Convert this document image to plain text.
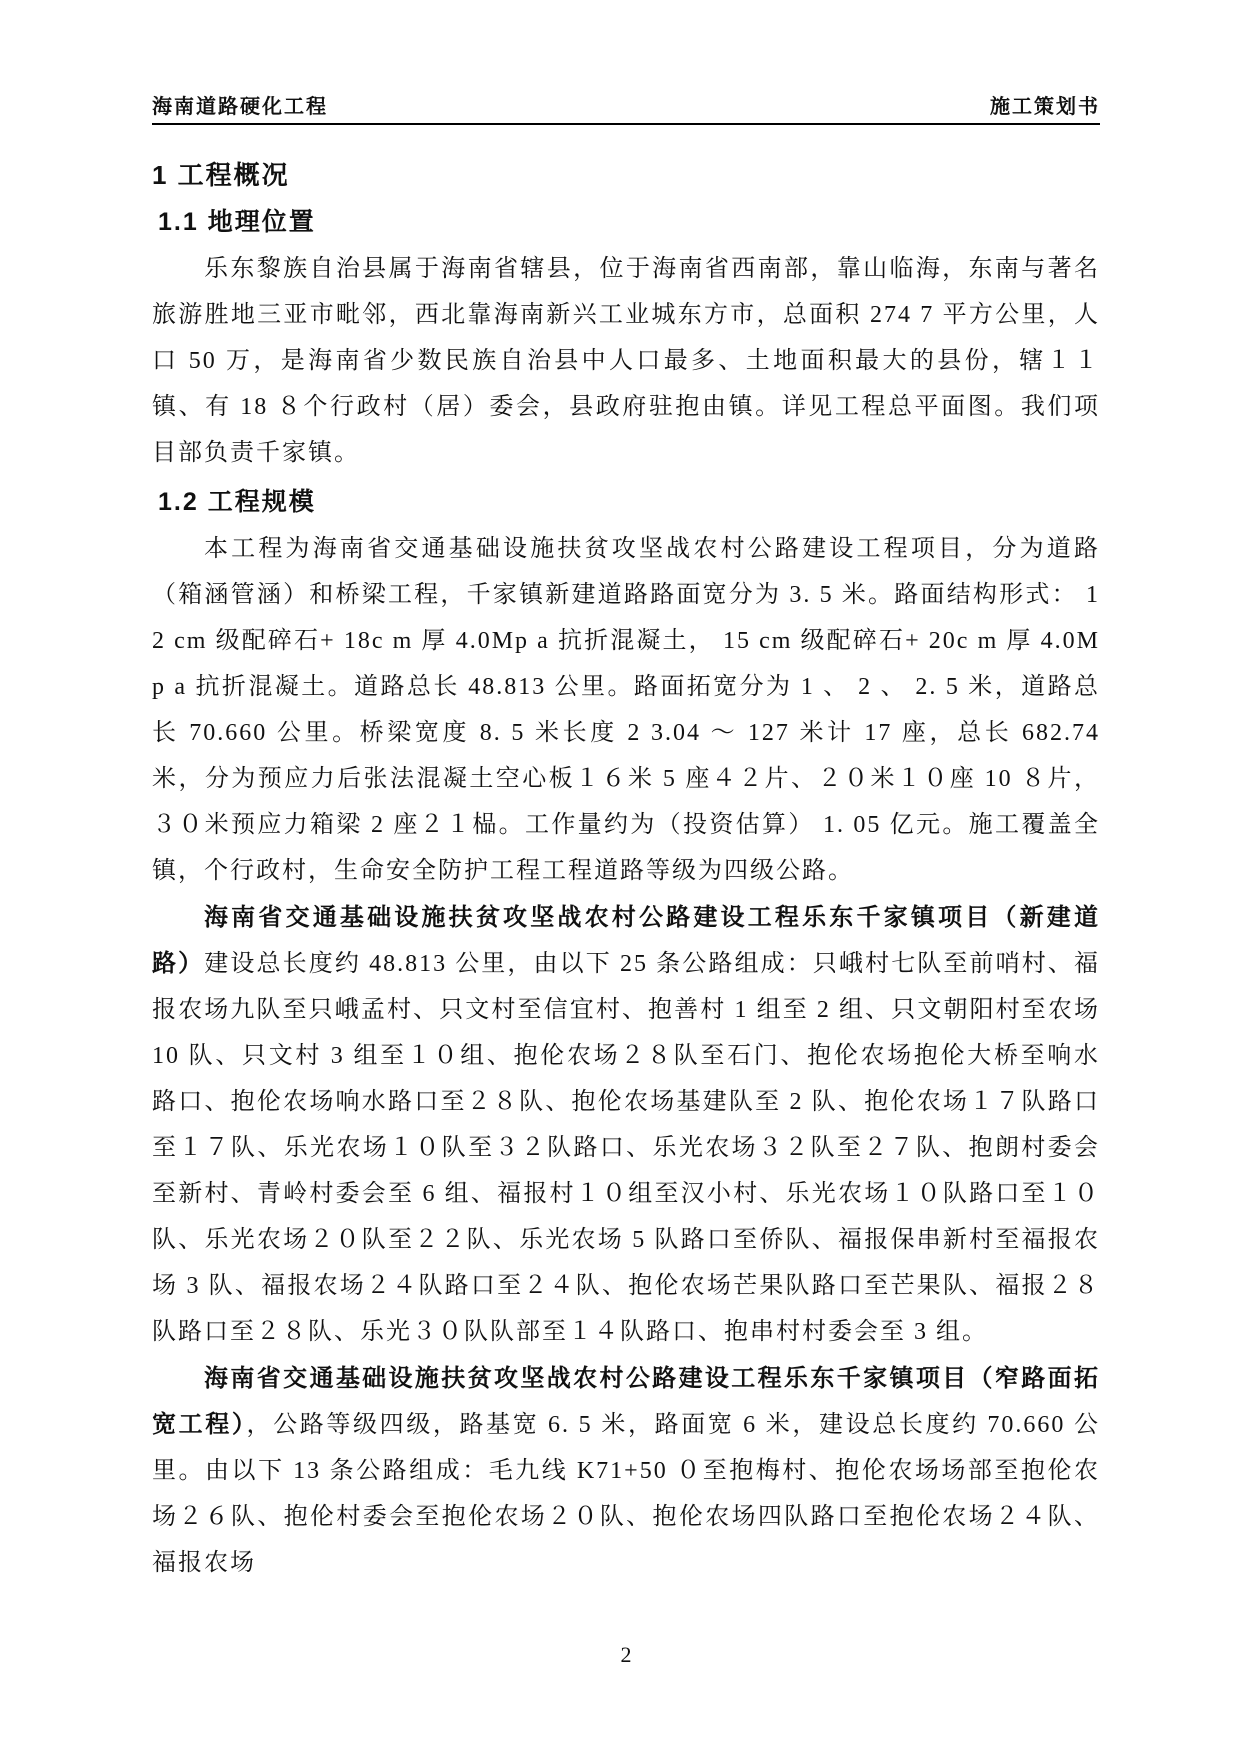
海南道路硬化工程	施工策划书
1 工程概况
1.1 地理位置

乐东黎族自治县属于海南省辖县，位于海南省西南部，靠山临海，东南与著名旅游胜地三亚市毗邻，西北靠海南新兴工业城东方市，总面积 274 7 平方公里，人口 50 万，是海南省少数民族自治县中人口最多、土地面积最大的县份，辖１１镇、有 18 ８个行政村（居）委会，县政府驻抱由镇。详见工程总平面图。我们项目部负责千家镇。

1.2 工程规模

本工程为海南省交通基础设施扶贫攻坚战农村公路建设工程项目，分为道路（箱涵管涵）和桥梁工程，千家镇新建道路路面宽分为 3. 5 米。路面结构形式： 12 cm 级配碎石+ 18c m 厚 4.0Mp a 抗折混凝土， 15 cm 级配碎石+ 20c m 厚 4.0Mp a 抗折混凝土。道路总长 48.813 公里。路面拓宽分为 1 、 2 、 2. 5 米，道路总长 70.660 公里。桥梁宽度 8. 5 米长度 2 3.04 ～ 127 米计 17 座，总长 682.74 米，分为预应力后张法混凝土空心板１６米 5 座４２片、２０米１０座 10 ８片，３０米预应力箱梁 2 座２１榀。工作量约为（投资估算） 1. 05 亿元。施工覆盖全镇，个行政村，生命安全防护工程工程道路等级为四级公路。

海南省交通基础设施扶贫攻坚战农村公路建设工程乐东千家镇项目（新建道路）建设总长度约 48.813 公里，由以下 25 条公路组成：只峨村七队至前哨村、福报农场九队至只峨孟村、只文村至信宜村、抱善村 1 组至 2 组、只文朝阳村至农场 10 队、只文村 3 组至１０组、抱伦农场２８队至石门、抱伦农场抱伦大桥至响水路口、抱伦农场响水路口至２８队、抱伦农场基建队至 2 队、抱伦农场１７队路口至１７队、乐光农场１０队至３２队路口、乐光农场３２队至２７队、抱朗村委会至新村、青岭村委会至 6 组、福报村１０组至汉小村、乐光农场１０队路口至１０队、乐光农场２０队至２２队、乐光农场 5 队路口至侨队、福报保串新村至福报农场 3 队、福报农场２４队路口至２４队、抱伦农场芒果队路口至芒果队、福报２８队路口至２８队、乐光３０队队部至１４队路口、抱串村村委会至 3 组。

海南省交通基础设施扶贫攻坚战农村公路建设工程乐东千家镇项目（窄路面拓宽工程），公路等级四级，路基宽 6. 5 米，路面宽 6 米，建设总长度约 70.660 公里。由以下 13 条公路组成：毛九线 K71+50 ０至抱梅村、抱伦农场场部至抱伦农场２６队、抱伦村委会至抱伦农场２０队、抱伦农场四队路口至抱伦农场２４队、福报农场

2
